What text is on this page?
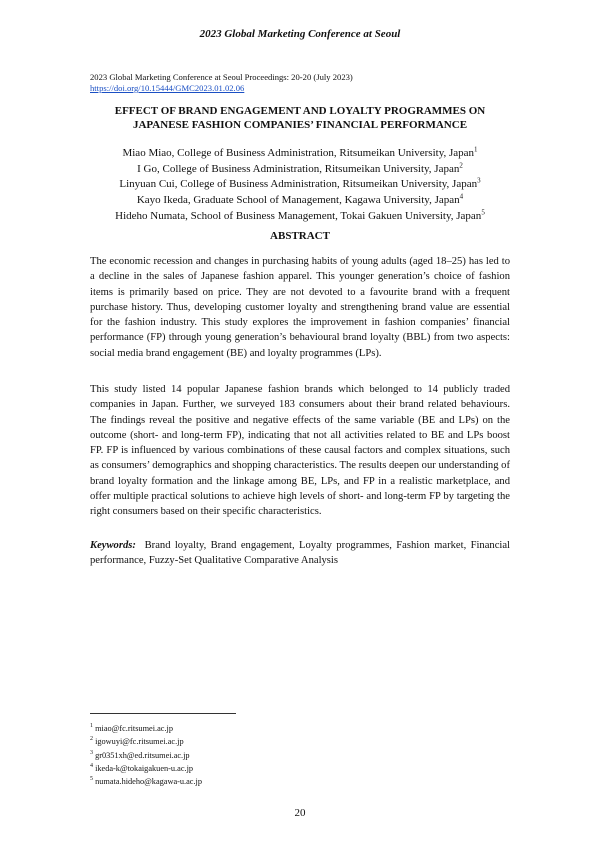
2023 Global Marketing Conference at Seoul
2023 Global Marketing Conference at Seoul Proceedings: 20-20 (July 2023)
https://doi.org/10.15444/GMC2023.01.02.06
EFFECT OF BRAND ENGAGEMENT AND LOYALTY PROGRAMMES ON
JAPANESE FASHION COMPANIES’ FINANCIAL PERFORMANCE
Miao Miao, College of Business Administration, Ritsumeikan University, Japan$^1$
I Go, College of Business Administration, Ritsumeikan University, Japan$^2$
Linyuan Cui, College of Business Administration, Ritsumeikan University, Japan$^3$
Kayo Ikeda, Graduate School of Management, Kagawa University, Japan$^4$
Hideho Numata, School of Business Management, Tokai Gakuen University, Japan$^5$
ABSTRACT

The economic recession and changes in purchasing habits of young adults (aged 18–25) has led to a decline in the sales of Japanese fashion apparel. This younger generation’s choice of fashion items is primarily based on price. They are not devoted to a favourite brand with a frequent purchase history. Thus, developing customer loyalty and strengthening brand value are essential for the fashion industry. This study explores the improvement in fashion companies’ financial performance (FP) through young generation’s behavioural brand loyalty (BBL) from two aspects: social media brand engagement (BE) and loyalty programmes (LPs).

This study listed 14 popular Japanese fashion brands which belonged to 14 publicly traded companies in Japan. Further, we surveyed 183 consumers about their brand related behaviours. The findings reveal the positive and negative effects of the same variable (BE and LPs) on the outcome (short- and long-term FP), indicating that not all activities related to BE and LPs boost FP. FP is influenced by various combinations of these causal factors and complex situations, such as consumers’ demographics and shopping characteristics. The results deepen our understanding of brand loyalty formation and the linkage among BE, LPs, and FP in a realistic marketplace, and offer multiple practical solutions to achieve high levels of short- and long-term FP by targeting the right consumers based on their specific characteristics.

Keywords: Brand loyalty, Brand engagement, Loyalty programmes, Fashion market, Financial performance, Fuzzy-Set Qualitative Comparative Analysis

$^1$ miao@fc.ritsumei.ac.jp
$^2$ igowuyi@fc.ritsumei.ac.jp
$^3$ gr0351xh@ed.ritsumei.ac.jp
$^4$ ikeda-k@tokaigakuen-u.ac.jp
$^5$ numata.hideho@kagawa-u.ac.jp
20
